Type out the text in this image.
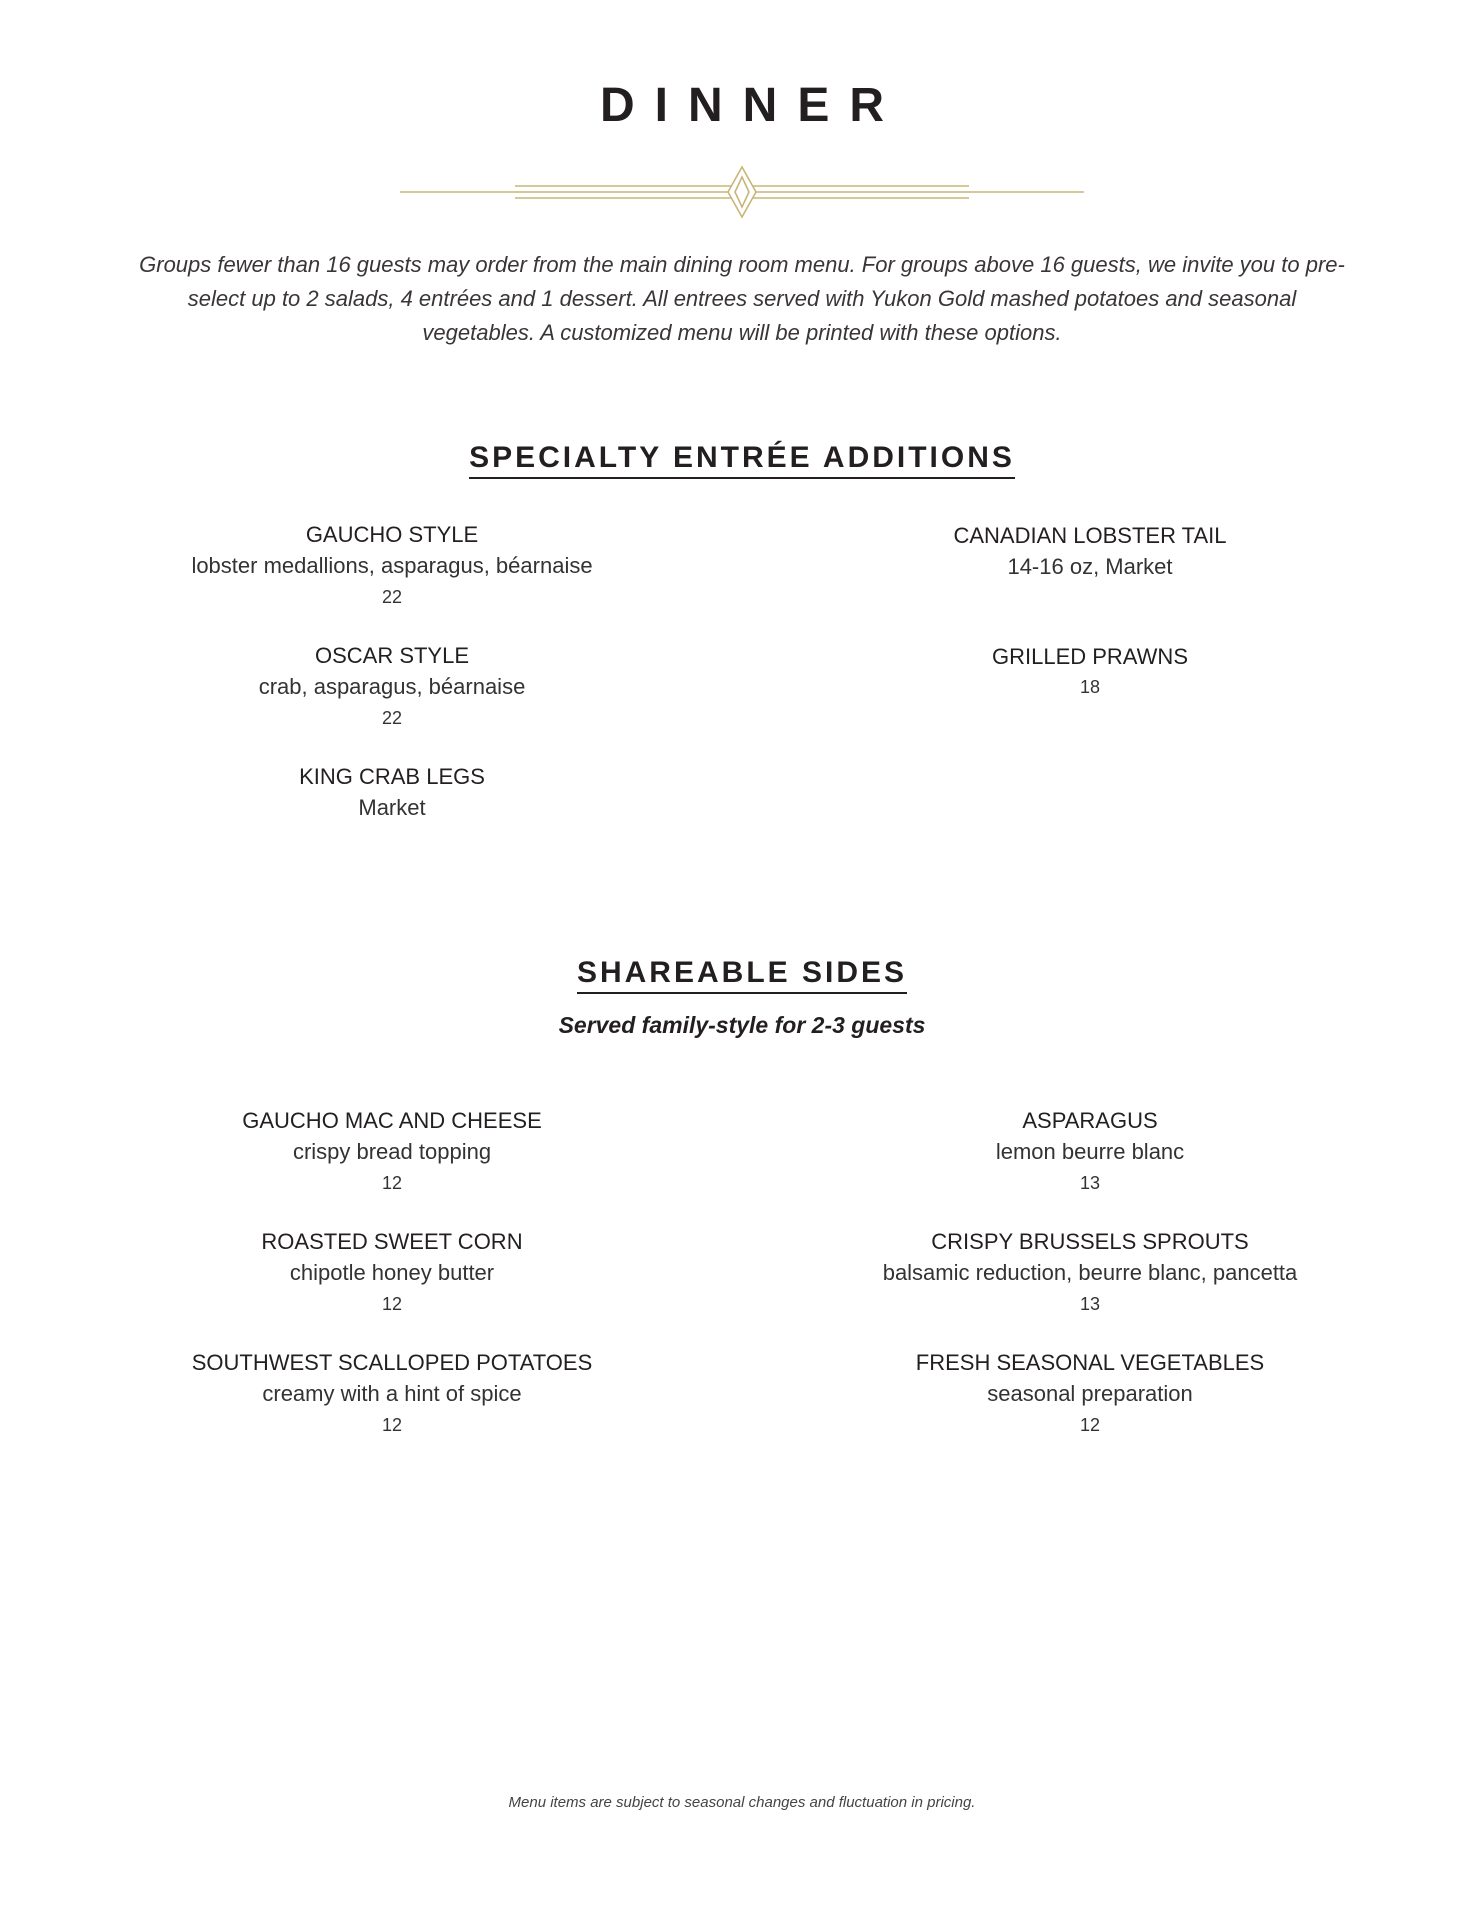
DINNER

Groups fewer than 16 guests may order from the main dining room menu. For groups above 16 guests, we invite you to pre-select up to 2 salads, 4 entrées and 1 dessert. All entrees served with Yukon Gold mashed potatoes and seasonal vegetables. A customized menu will be printed with these options.

SPECIALTY ENTRÉE ADDITIONS
GAUCHO STYLE
lobster medallions, asparagus, béarnaise
22
OSCAR STYLE
crab, asparagus, béarnaise
22
KING CRAB LEGS
Market
CANADIAN LOBSTER TAIL
14-16 oz, Market
GRILLED PRAWNS
18
SHAREABLE SIDES

Served family-style for 2-3 guests

GAUCHO MAC AND CHEESE
crispy bread topping
12
ROASTED SWEET CORN
chipotle honey butter
12
SOUTHWEST SCALLOPED POTATOES
creamy with a hint of spice
12
ASPARAGUS
lemon beurre blanc
13
CRISPY BRUSSELS SPROUTS
balsamic reduction, beurre blanc, pancetta
13
FRESH SEASONAL VEGETABLES
seasonal preparation
12

Menu items are subject to seasonal changes and fluctuation in pricing.
